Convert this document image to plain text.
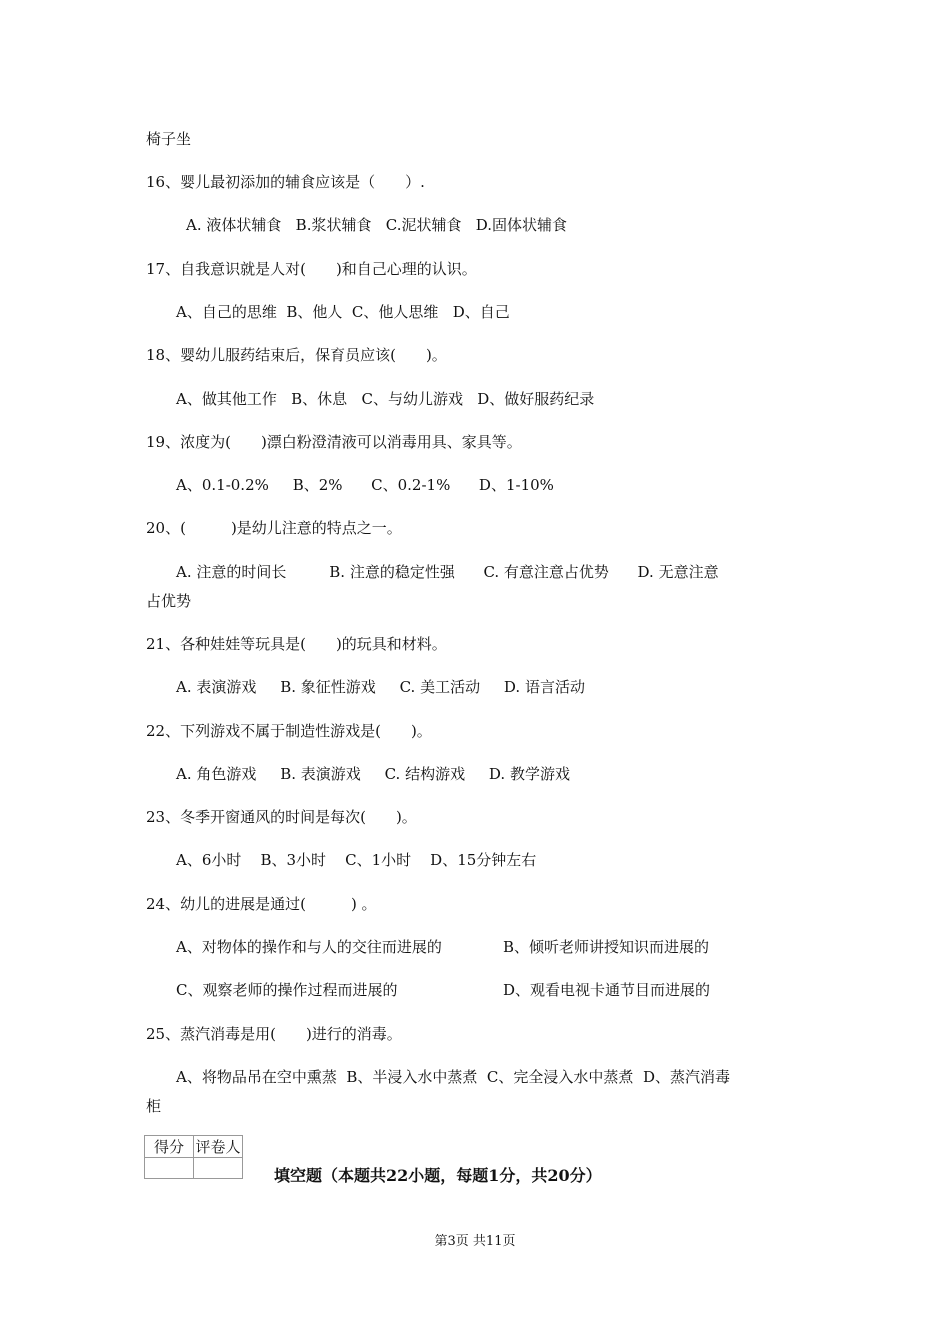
椅子坐
16、婴儿最初添加的辅食应该是（　　）.
A. 液体状辅食   B.浆状辅食   C.泥状辅食   D.固体状辅食
17、自我意识就是人对(　　)和自己心理的认识。
A、自己的思维  B、他人  C、他人思维   D、自己
18、婴幼儿服药结束后，保育员应该(　　)。
A、做其他工作   B、休息   C、与幼儿游戏   D、做好服药纪录
19、浓度为(　　)漂白粉澄清液可以消毒用具、家具等。
A、0.1-0.2%     B、2%      C、0.2-1%      D、1-10%
20、(　　　)是幼儿注意的特点之一。
A. 注意的时间长         B. 注意的稳定性强      C. 有意注意占优势      D. 无意注意
占优势
21、各种娃娃等玩具是(　　)的玩具和材料。
A. 表演游戏     B. 象征性游戏     C. 美工活动     D. 语言活动
22、下列游戏不属于制造性游戏是(　　)。
A. 角色游戏     B. 表演游戏     C. 结构游戏     D. 教学游戏
23、冬季开窗通风的时间是每次(　　)。
A、6小时    B、3小时    C、1小时    D、15分钟左右
24、幼儿的进展是通过(　　　) 。
25、蒸汽消毒是用(　　)进行的消毒。
A、将物品吊在空中熏蒸  B、半浸入水中蒸煮  C、完全浸入水中蒸煮  D、蒸汽消毒
柜
A、对物体的操作和与人的交往而进展的	B、倾听老师讲授知识而进展的
C、观察老师的操作过程而进展的	D、观看电视卡通节目而进展的
得分	评卷人

填空题（本题共22小题，每题1分，共20分）
第3页 共11页
